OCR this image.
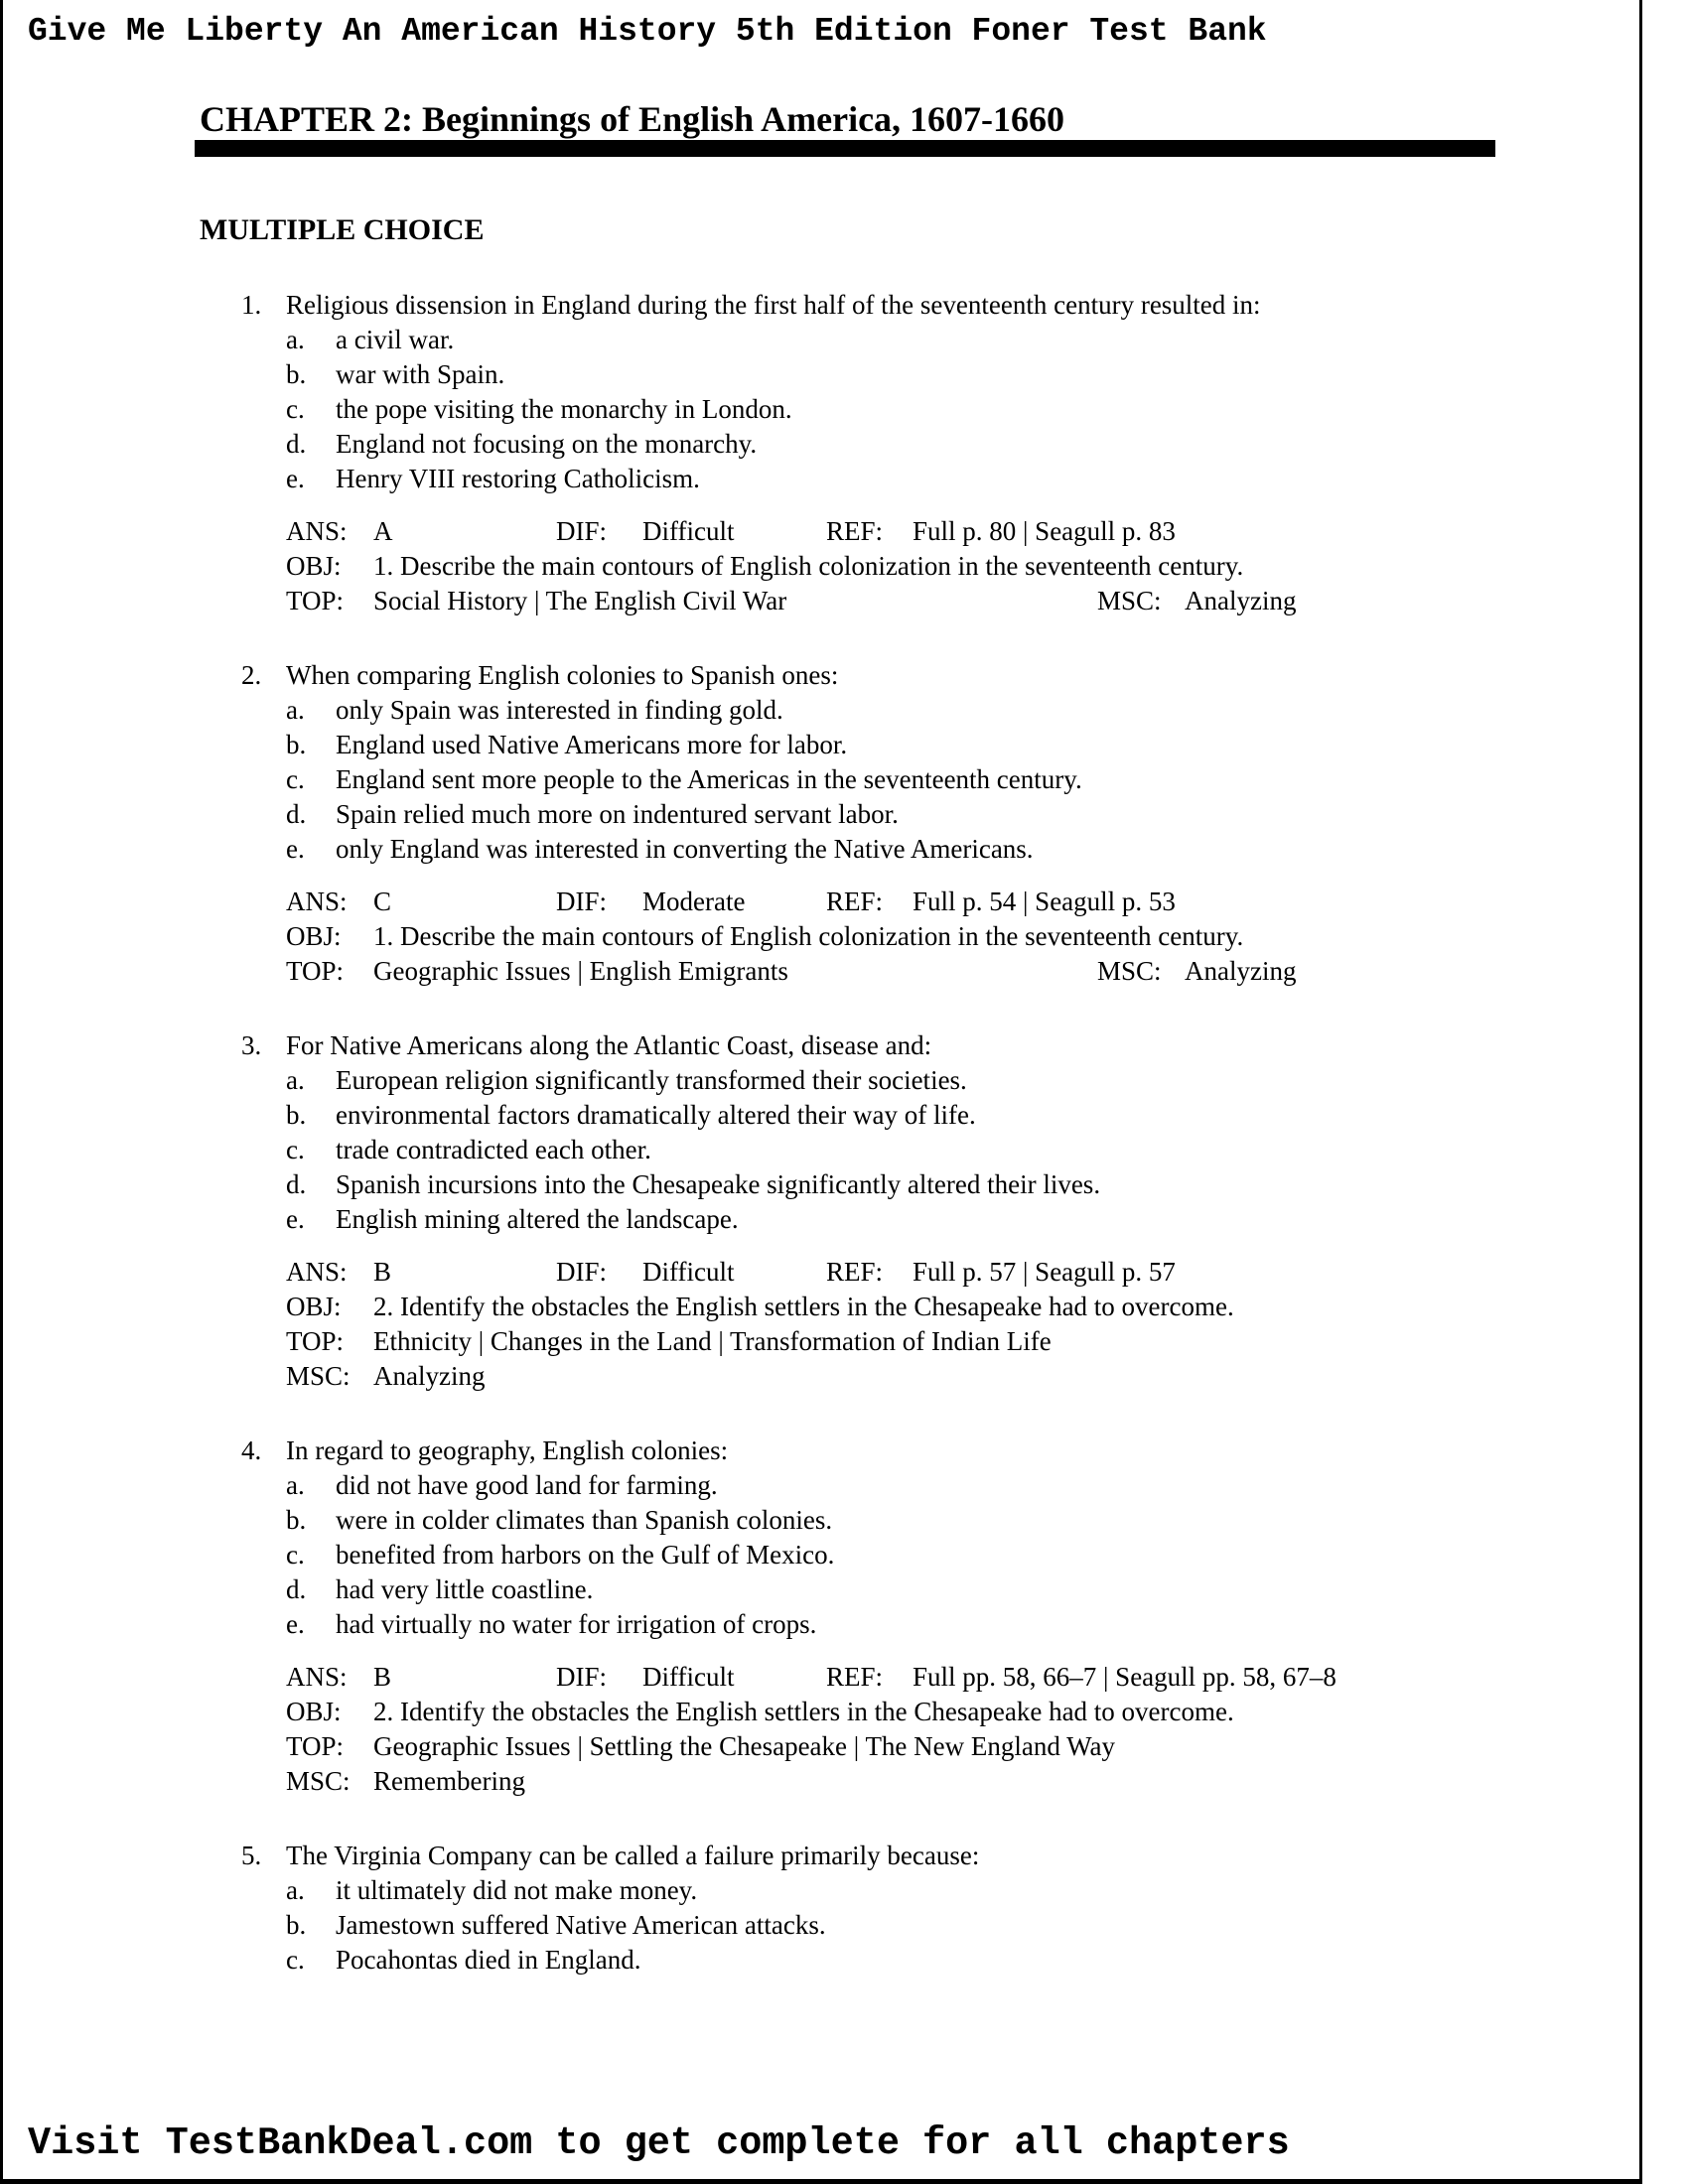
Give Me Liberty An American History 5th Edition Foner Test Bank
CHAPTER 2: Beginnings of English America, 1607-1660
MULTIPLE CHOICE
1. Religious dissension in England during the first half of the seventeenth century resulted in:
a. a civil war.
b. war with Spain.
c. the pope visiting the monarchy in London.
d. England not focusing on the monarchy.
e. Henry VIII restoring Catholicism.
ANS: A	DIF: Difficult	REF: Full p. 80 | Seagull p. 83
OBJ: 1. Describe the main contours of English colonization in the seventeenth century.
TOP: Social History | The English Civil War	MSC: Analyzing
2. When comparing English colonies to Spanish ones:
a. only Spain was interested in finding gold.
b. England used Native Americans more for labor.
c. England sent more people to the Americas in the seventeenth century.
d. Spain relied much more on indentured servant labor.
e. only England was interested in converting the Native Americans.
ANS: C	DIF: Moderate	REF: Full p. 54 | Seagull p. 53
OBJ: 1. Describe the main contours of English colonization in the seventeenth century.
TOP: Geographic Issues | English Emigrants	MSC: Analyzing
3. For Native Americans along the Atlantic Coast, disease and:
a. European religion significantly transformed their societies.
b. environmental factors dramatically altered their way of life.
c. trade contradicted each other.
d. Spanish incursions into the Chesapeake significantly altered their lives.
e. English mining altered the landscape.
ANS: B	DIF: Difficult	REF: Full p. 57 | Seagull p. 57
OBJ: 2. Identify the obstacles the English settlers in the Chesapeake had to overcome.
TOP: Ethnicity | Changes in the Land | Transformation of Indian Life
MSC: Analyzing
4. In regard to geography, English colonies:
a. did not have good land for farming.
b. were in colder climates than Spanish colonies.
c. benefited from harbors on the Gulf of Mexico.
d. had very little coastline.
e. had virtually no water for irrigation of crops.
ANS: B	DIF: Difficult	REF: Full pp. 58, 66–7 | Seagull pp. 58, 67–8
OBJ: 2. Identify the obstacles the English settlers in the Chesapeake had to overcome.
TOP: Geographic Issues | Settling the Chesapeake | The New England Way
MSC: Remembering
5. The Virginia Company can be called a failure primarily because:
a. it ultimately did not make money.
b. Jamestown suffered Native American attacks.
c. Pocahontas died in England.
Visit TestBankDeal.com to get complete for all chapters
